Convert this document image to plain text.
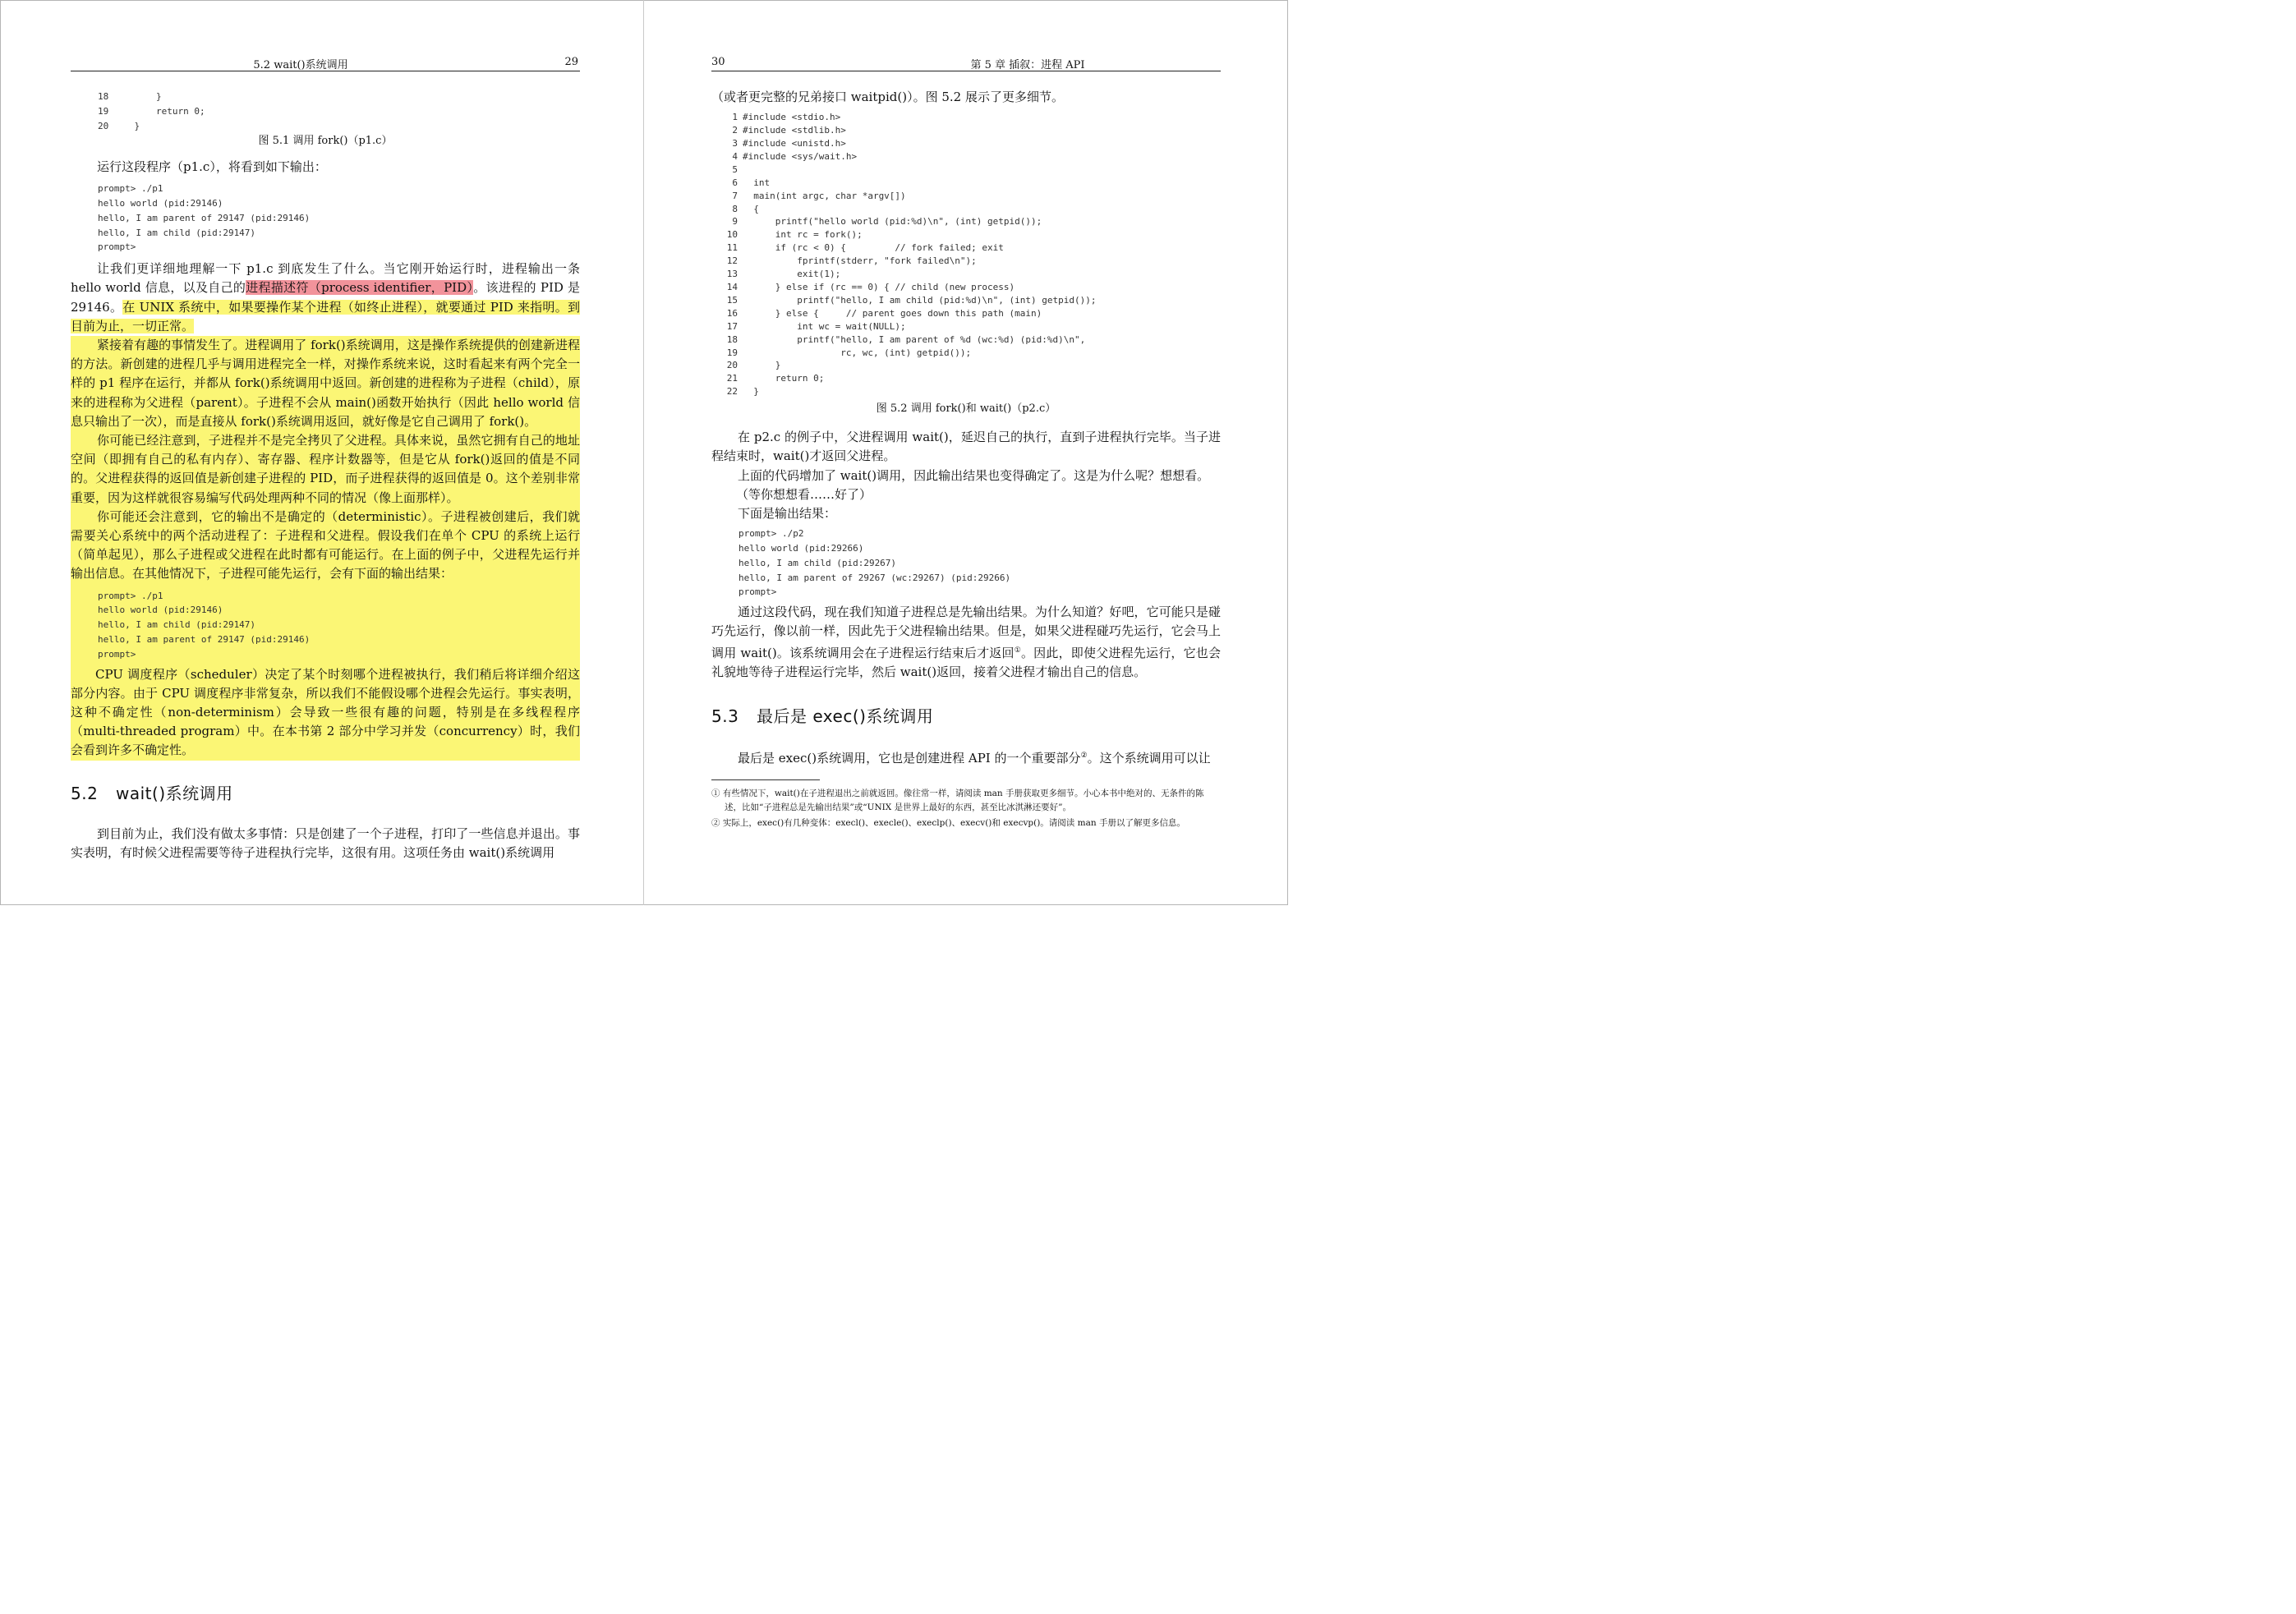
5.2 wait()系统调用	29
18      }
19      return 0;
20  }
图 5.1 调用 fork()（p1.c）

运行这段程序（p1.c），将看到如下输出：

prompt> ./p1
hello world (pid:29146)
hello, I am parent of 29147 (pid:29146)
hello, I am child (pid:29147)
prompt>

让我们更详细地理解一下 p1.c 到底发生了什么。当它刚开始运行时，进程输出一条 hello world 信息，以及自己的进程描述符（process identifier，PID）。该进程的 PID 是 29146。在 UNIX 系统中，如果要操作某个进程（如终止进程），就要通过 PID 来指明。到目前为止，一切正常。

紧接着有趣的事情发生了。进程调用了 fork()系统调用，这是操作系统提供的创建新进程的方法。新创建的进程几乎与调用进程完全一样，对操作系统来说，这时看起来有两个完全一样的 p1 程序在运行，并都从 fork()系统调用中返回。新创建的进程称为子进程（child），原来的进程称为父进程（parent）。子进程不会从 main()函数开始执行（因此 hello world 信息只输出了一次），而是直接从 fork()系统调用返回，就好像是它自己调用了 fork()。

你可能已经注意到，子进程并不是完全拷贝了父进程。具体来说，虽然它拥有自己的地址空间（即拥有自己的私有内存）、寄存器、程序计数器等，但是它从 fork()返回的值是不同的。父进程获得的返回值是新创建子进程的 PID，而子进程获得的返回值是 0。这个差别非常重要，因为这样就很容易编写代码处理两种不同的情况（像上面那样）。

你可能还会注意到，它的输出不是确定的（deterministic）。子进程被创建后，我们就需要关心系统中的两个活动进程了：子进程和父进程。假设我们在单个 CPU 的系统上运行（简单起见），那么子进程或父进程在此时都有可能运行。在上面的例子中，父进程先运行并输出信息。在其他情况下，子进程可能先运行，会有下面的输出结果：

prompt> ./p1
hello world (pid:29146)
hello, I am child (pid:29147)
hello, I am parent of 29147 (pid:29146)
prompt>

CPU 调度程序（scheduler）决定了某个时刻哪个进程被执行，我们稍后将详细介绍这部分内容。由于 CPU 调度程序非常复杂，所以我们不能假设哪个进程会先运行。事实表明，这种不确定性（non-determinism）会导致一些很有趣的问题，特别是在多线程程序（multi-threaded program）中。在本书第 2 部分中学习并发（concurrency）时，我们会看到许多不确定性。

5.2 wait()系统调用

到目前为止，我们没有做太多事情：只是创建了一个子进程，打印了一些信息并退出。事实表明，有时候父进程需要等待子进程执行完毕，这很有用。这项任务由 wait()系统调用

30	第 5 章 插叙：进程 API

（或者更完整的兄弟接口 waitpid()）。图 5.2 展示了更多细节。

1 #include <stdio.h>
2 #include <stdlib.h>
3 #include <unistd.h>
4 #include <sys/wait.h>
5
6  int
7  main(int argc, char *argv[])
8  {
9      printf("hello world (pid:%d)\n", (int) getpid());
10      int rc = fork();
11      if (rc < 0) {         // fork failed; exit
12          fprintf(stderr, "fork failed\n");
13          exit(1);
14      } else if (rc == 0) { // child (new process)
15          printf("hello, I am child (pid:%d)\n", (int) getpid());
16      } else {     // parent goes down this path (main)
17          int wc = wait(NULL);
18          printf("hello, I am parent of %d (wc:%d) (pid:%d)\n",
19                  rc, wc, (int) getpid());
20      }
21      return 0;
22  }
图 5.2 调用 fork()和 wait()（p2.c）

在 p2.c 的例子中，父进程调用 wait()，延迟自己的执行，直到子进程执行完毕。当子进程结束时，wait()才返回父进程。

上面的代码增加了 wait()调用，因此输出结果也变得确定了。这是为什么呢？想想看。

（等你想想看……好了）

下面是输出结果：

prompt> ./p2
hello world (pid:29266)
hello, I am child (pid:29267)
hello, I am parent of 29267 (wc:29267) (pid:29266)
prompt>

通过这段代码，现在我们知道子进程总是先输出结果。为什么知道？好吧，它可能只是碰巧先运行，像以前一样，因此先于父进程输出结果。但是，如果父进程碰巧先运行，它会马上调用 wait()。该系统调用会在子进程运行结束后才返回①。因此，即使父进程先运行，它也会礼貌地等待子进程运行完毕，然后 wait()返回，接着父进程才输出自己的信息。

5.3 最后是 exec()系统调用

最后是 exec()系统调用，它也是创建进程 API 的一个重要部分②。这个系统调用可以让

① 有些情况下，wait()在子进程退出之前就返回。像往常一样，请阅读 man 手册获取更多细节。小心本书中绝对的、无条件的陈述，比如“子进程总是先输出结果”或“UNIX 是世界上最好的东西，甚至比冰淇淋还要好”。
② 实际上，exec()有几种变体：execl()、execle()、execlp()、execv()和 execvp()。请阅读 man 手册以了解更多信息。
